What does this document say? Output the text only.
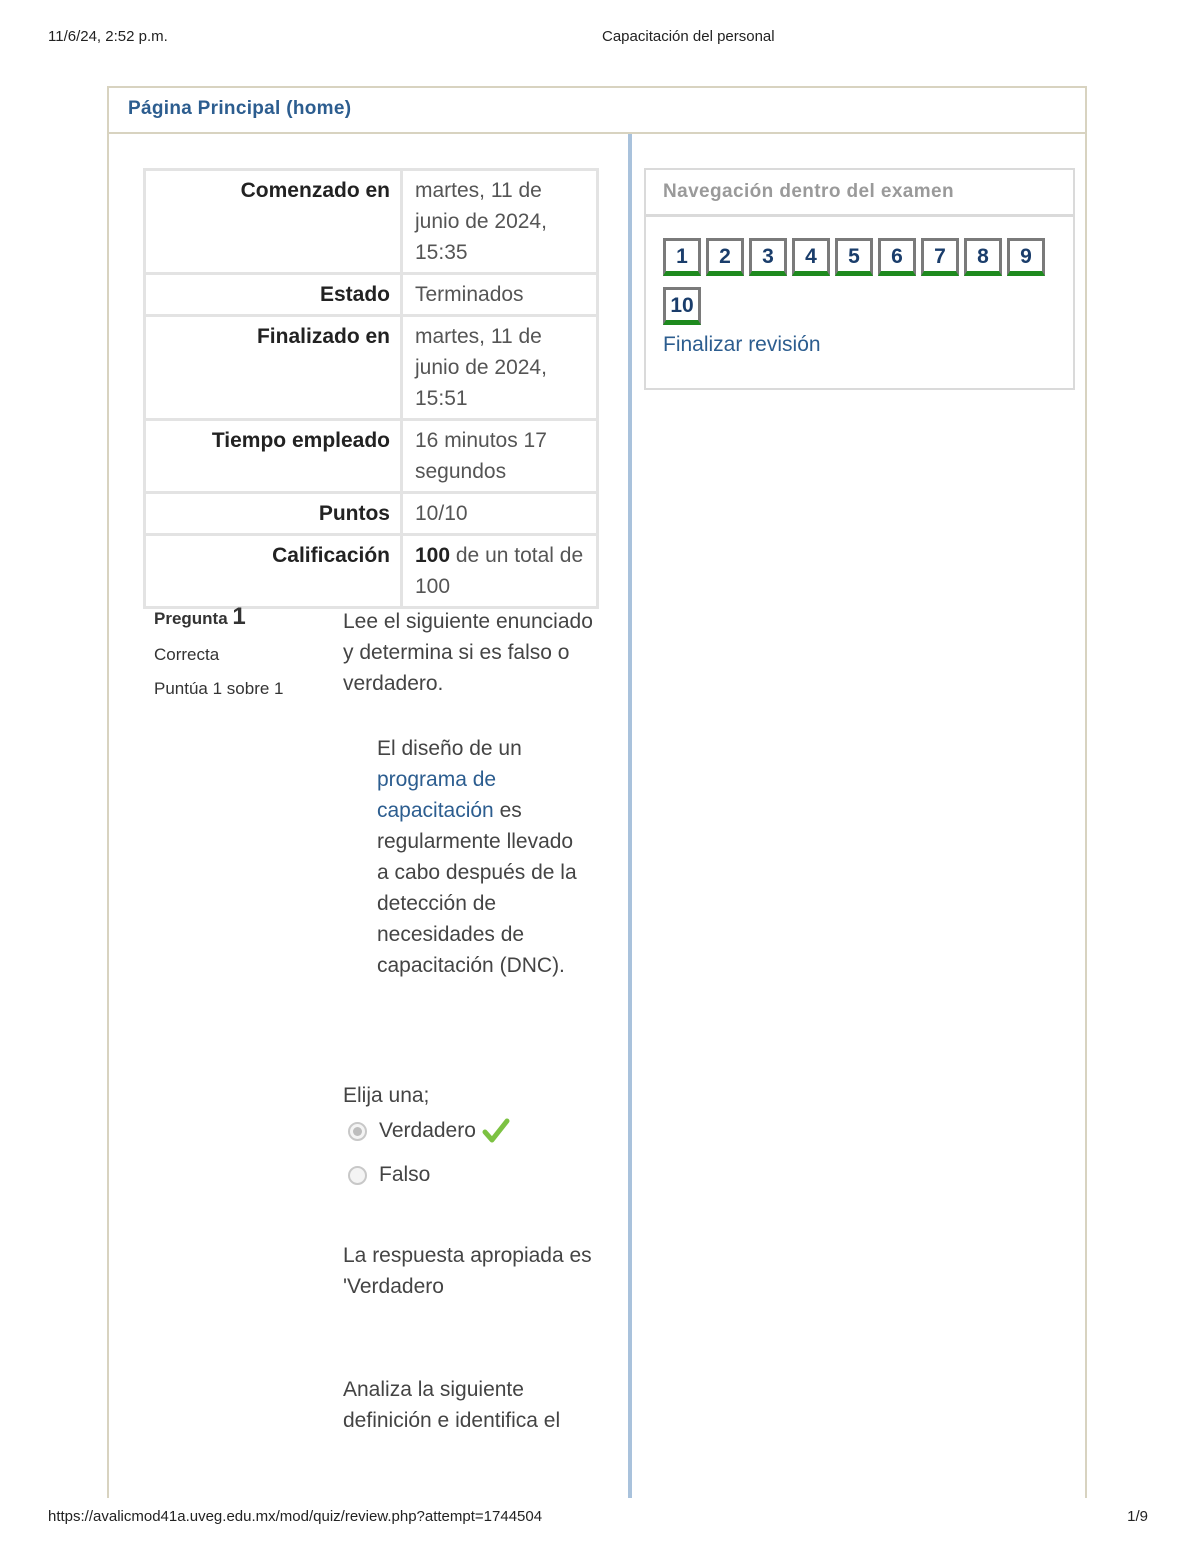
11/6/24, 2:52 p.m.	Capacitación del personal
Página Principal (home)
Comenzado en	martes, 11 de junio de 2024, 15:35
Estado	Terminados
Finalizado en	martes, 11 de junio de 2024, 15:51
Tiempo empleado	16 minutos 17 segundos
Puntos	10/10
Calificación	100 de un total de 100
Navegación dentro del examen
1	2	3	4	5	6	7	8	9
10
Finalizar revisión
Pregunta 1
Correcta
Puntúa 1 sobre 1
Lee el siguiente enunciado y determina si es falso o verdadero.
El diseño de un programa de capacitación es regularmente llevado a cabo después de la detección de necesidades de capacitación (DNC).
Elija una;
Verdadero
Falso
La respuesta apropiada es 'Verdadero
Analiza la siguiente definición e identifica el
https://avalicmod41a.uveg.edu.mx/mod/quiz/review.php?attempt=1744504	1/9
